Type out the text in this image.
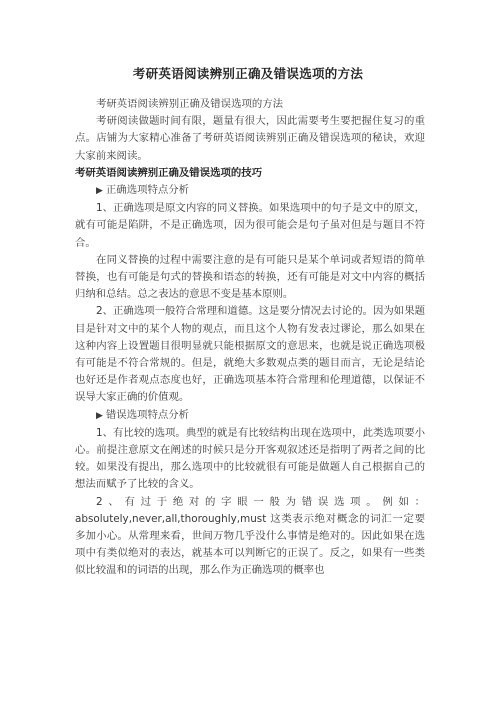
考研英语阅读辨别正确及错误选项的方法

考研英语阅读辨别正确及错误选项的方法

考研阅读做题时间有限，题量有很大，因此需要考生要把握住复习的重点。店铺为大家精心准备了考研英语阅读辨别正确及错误选项的秘诀，欢迎大家前来阅读。

考研英语阅读辨别正确及错误选项的技巧

▶ 正确选项特点分析

1、正确选项是原文内容的同义替换。如果选项中的句子是文中的原文，就有可能是陷阱，不是正确选项，因为很可能会是句子虽对但是与题目不符合。

在同义替换的过程中需要注意的是有可能只是某个单词或者短语的简单替换，也有可能是句式的替换和语态的转换，还有可能是对文中内容的概括归纳和总结。总之表达的意思不变是基本原则。

2、正确选项一般符合常理和道德。这是要分情况去讨论的。因为如果题目是针对文中的某个人物的观点，而且这个人物有发表过谬论，那么如果在这种内容上设置题目很明显就只能根据原文的意思来，也就是说正确选项极有可能是不符合常规的。但是，就绝大多数观点类的题目而言，无论是结论也好还是作者观点态度也好，正确选项基本符合常理和伦理道德，以保证不误导大家正确的价值观。

▶ 错误选项特点分析

1、有比较的选项。典型的就是有比较结构出现在选项中，此类选项要小心。前提注意原文在阐述的时候只是分开客观叙述还是指明了两者之间的比较。如果没有提出，那么选项中的比较就很有可能是做题人自己根据自己的想法而赋予了比较的含义。

2、有过于绝对的字眼一般为错误选项。例如：absolutely,never,all,thoroughly,must 这类表示绝对概念的词汇一定要多加小心。从常理来看，世间万物几乎没什么事情是绝对的。因此如果在选项中有类似绝对的表达，就基本可以判断它的正误了。反之，如果有一些类似比较温和的词语的出现，那么作为正确选项的概率也
